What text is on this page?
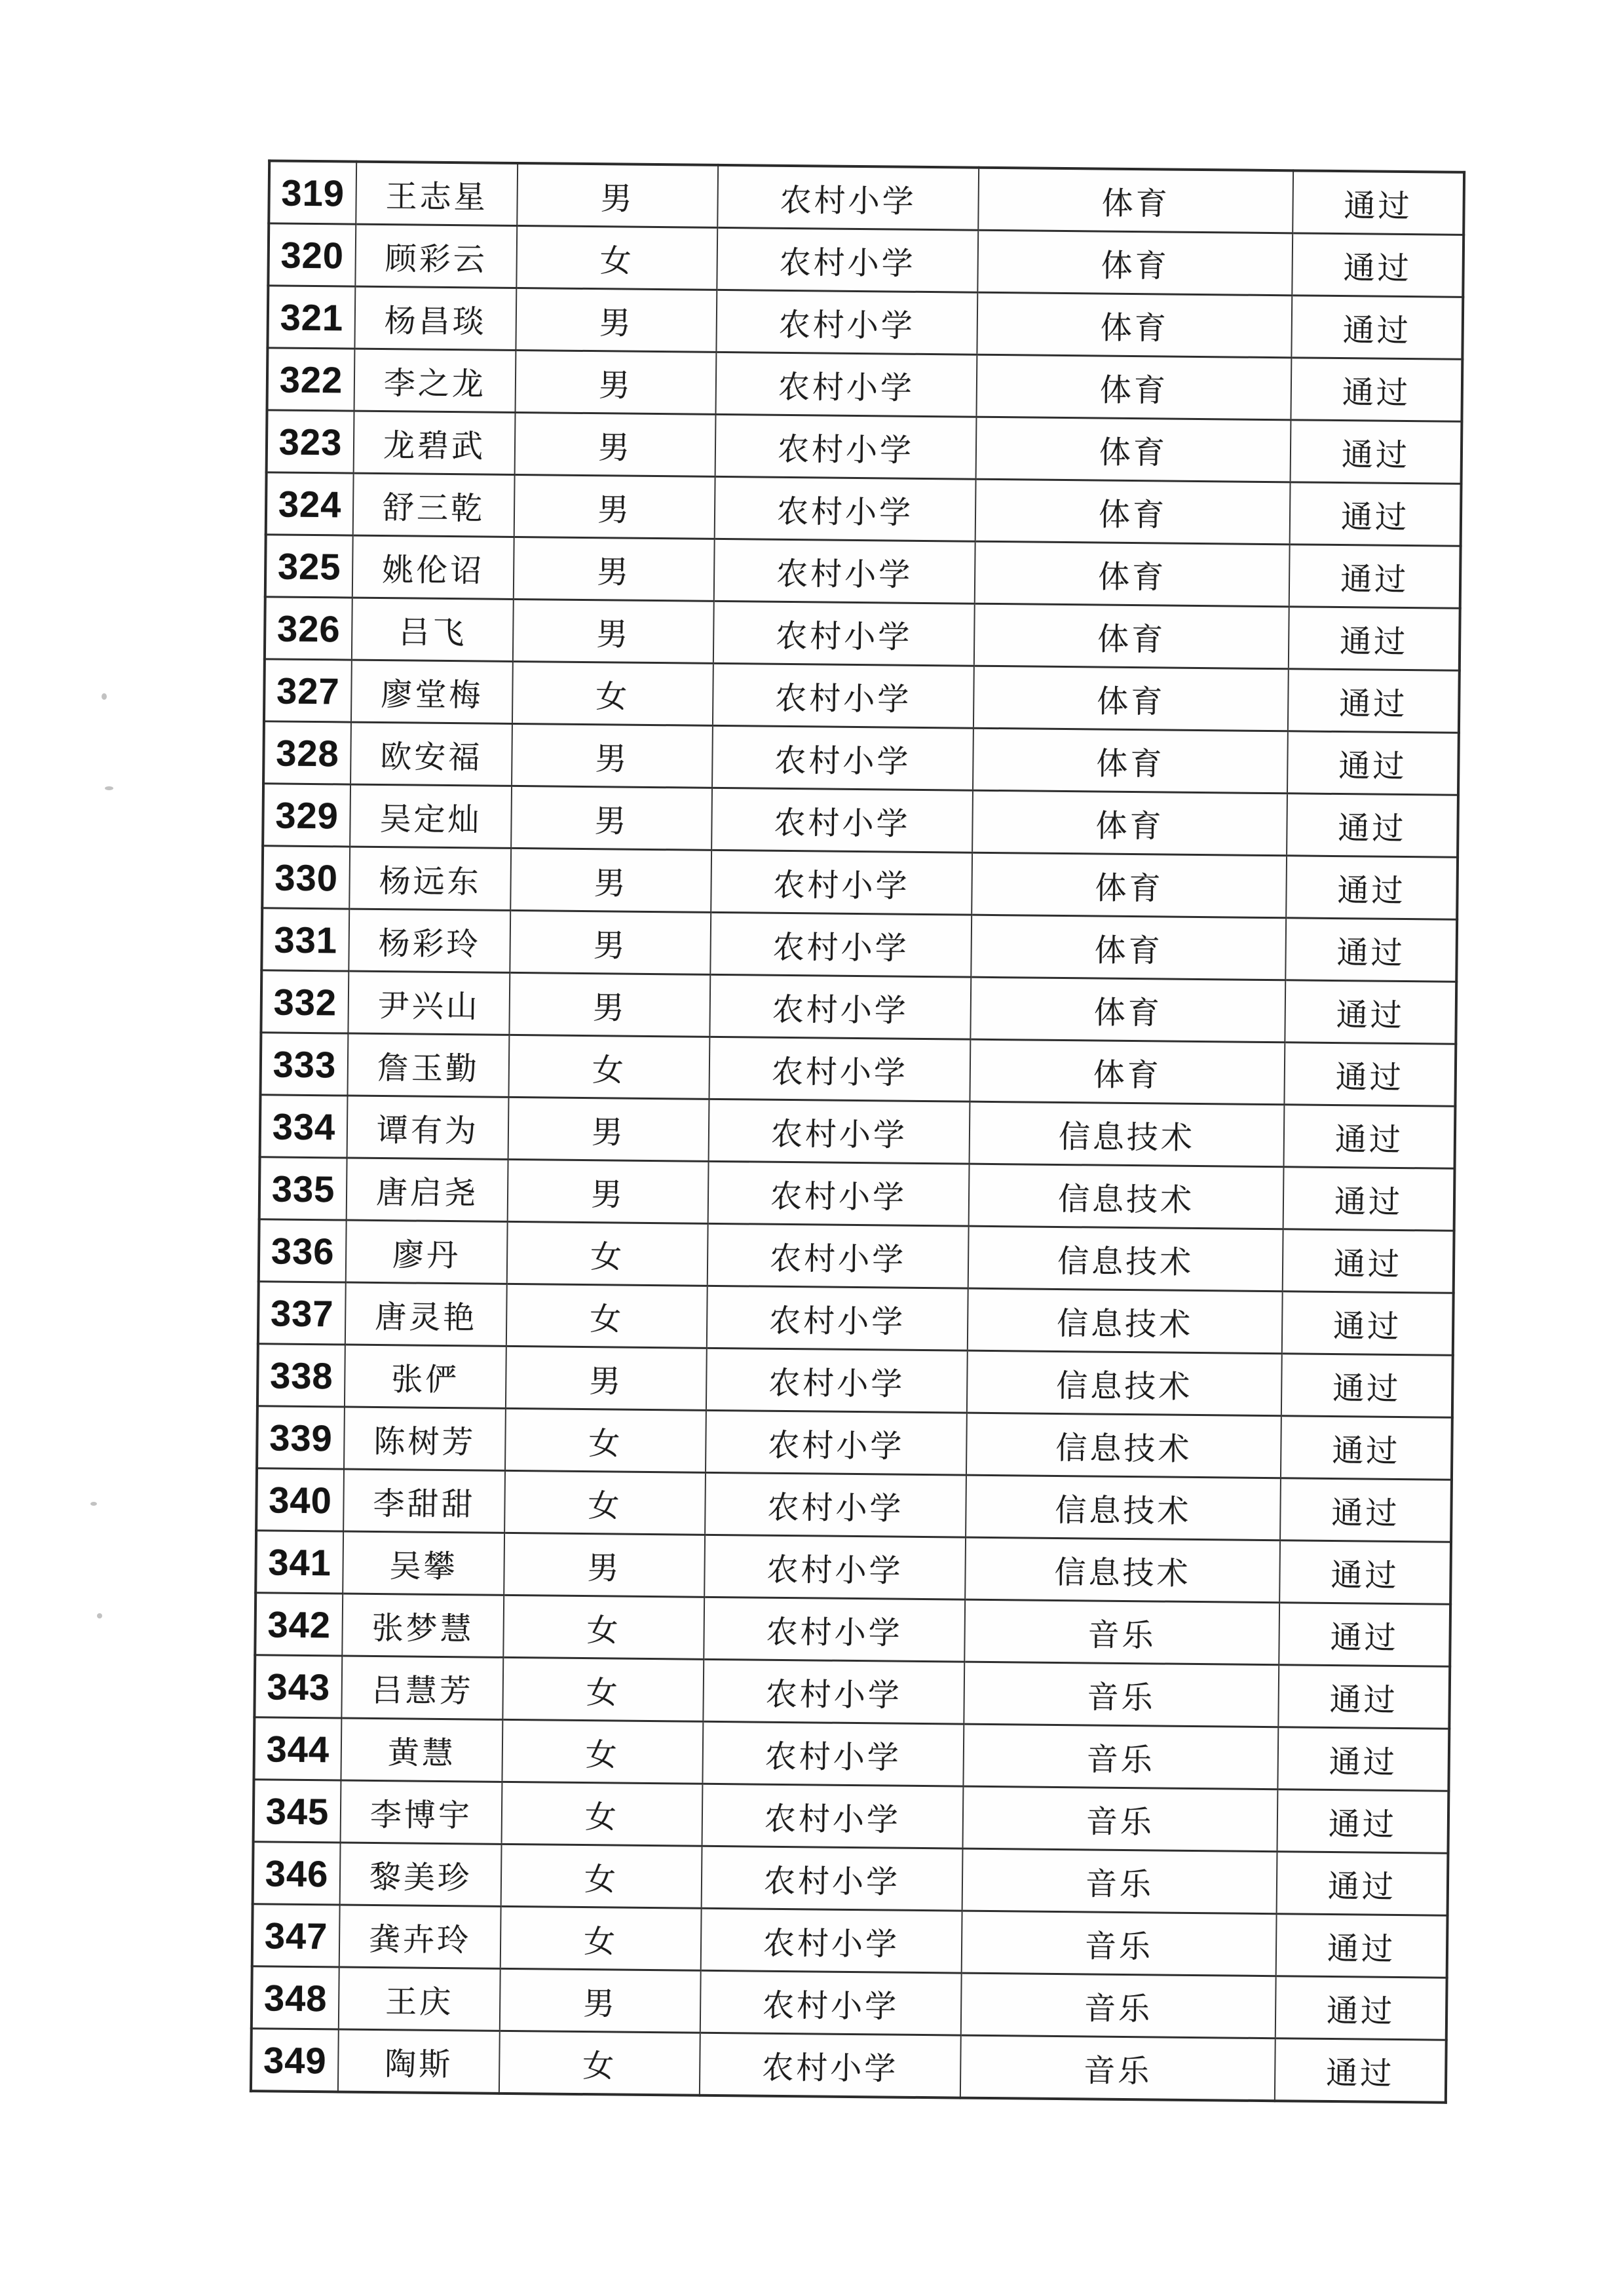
319	王志星	男	农村小学	体育	通过
320	顾彩云	女	农村小学	体育	通过
321	杨昌琰	男	农村小学	体育	通过
322	李之龙	男	农村小学	体育	通过
323	龙碧武	男	农村小学	体育	通过
324	舒三乾	男	农村小学	体育	通过
325	姚伦诏	男	农村小学	体育	通过
326	吕飞	男	农村小学	体育	通过
327	廖堂梅	女	农村小学	体育	通过
328	欧安福	男	农村小学	体育	通过
329	吴定灿	男	农村小学	体育	通过
330	杨远东	男	农村小学	体育	通过
331	杨彩玲	男	农村小学	体育	通过
332	尹兴山	男	农村小学	体育	通过
333	詹玉勤	女	农村小学	体育	通过
334	谭有为	男	农村小学	信息技术	通过
335	唐启尧	男	农村小学	信息技术	通过
336	廖丹	女	农村小学	信息技术	通过
337	唐灵艳	女	农村小学	信息技术	通过
338	张俨	男	农村小学	信息技术	通过
339	陈树芳	女	农村小学	信息技术	通过
340	李甜甜	女	农村小学	信息技术	通过
341	吴攀	男	农村小学	信息技术	通过
342	张梦慧	女	农村小学	音乐	通过
343	吕慧芳	女	农村小学	音乐	通过
344	黄慧	女	农村小学	音乐	通过
345	李博宇	女	农村小学	音乐	通过
346	黎美珍	女	农村小学	音乐	通过
347	龚卉玲	女	农村小学	音乐	通过
348	王庆	男	农村小学	音乐	通过
349	陶斯	女	农村小学	音乐	通过
